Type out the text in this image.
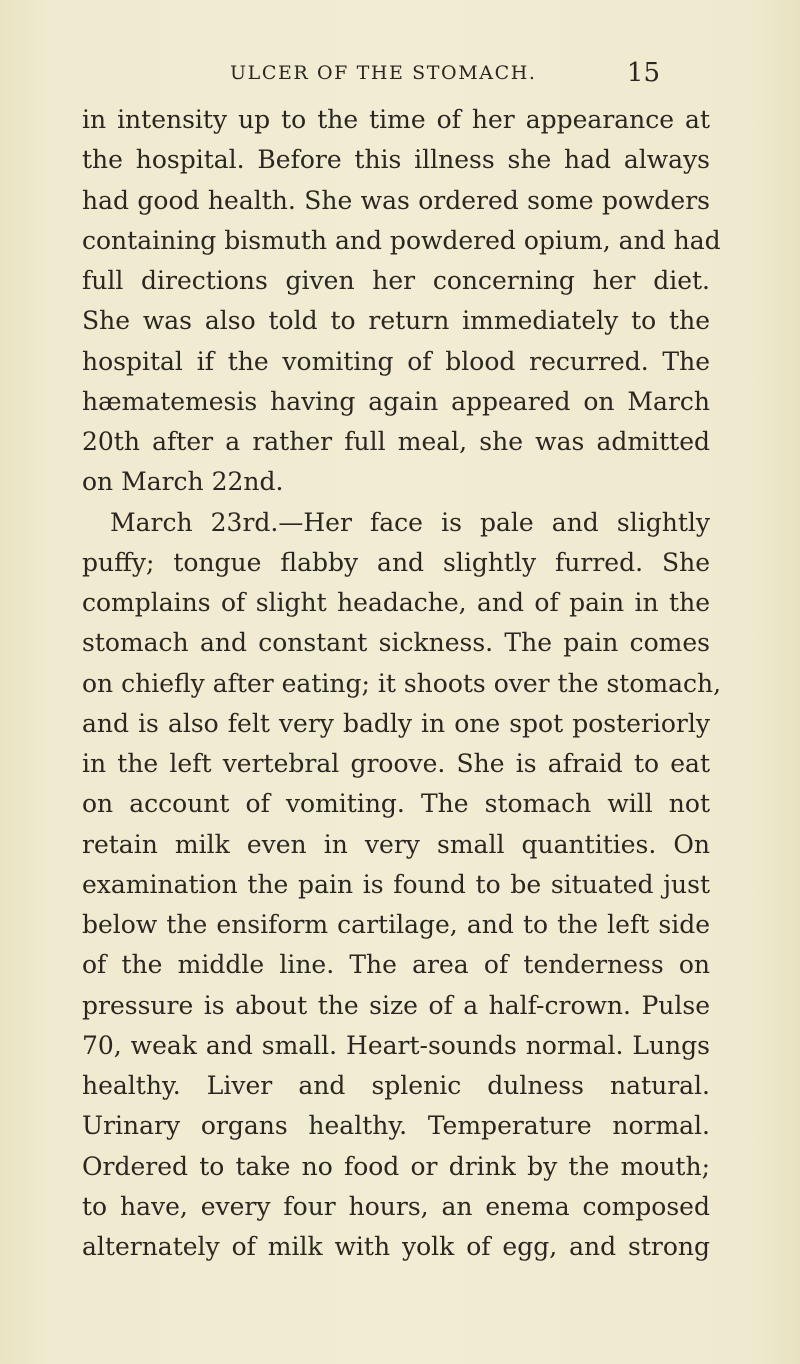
ULCER OF THE STOMACH.	15
in intensity up to the time of her appearance at
the hospital. Before this illness she had always
had good health. She was ordered some powders
containing bismuth and powdered opium, and had
full directions given her concerning her diet.
She was also told to return immediately to the
hospital if the vomiting of blood recurred. The
hæmatemesis having again appeared on March
20th after a rather full meal, she was admitted
on March 22nd.
March 23rd.—Her face is pale and slightly
puffy; tongue flabby and slightly furred. She
complains of slight headache, and of pain in the
stomach and constant sickness. The pain comes
on chiefly after eating; it shoots over the stomach,
and is also felt very badly in one spot posteriorly
in the left vertebral groove. She is afraid to eat
on account of vomiting. The stomach will not
retain milk even in very small quantities. On
examination the pain is found to be situated just
below the ensiform cartilage, and to the left side
of the middle line. The area of tenderness on
pressure is about the size of a half-crown. Pulse
70, weak and small. Heart-sounds normal. Lungs
healthy. Liver and splenic dulness natural.
Urinary organs healthy. Temperature normal.
Ordered to take no food or drink by the mouth;
to have, every four hours, an enema composed
alternately of milk with yolk of egg, and strong
